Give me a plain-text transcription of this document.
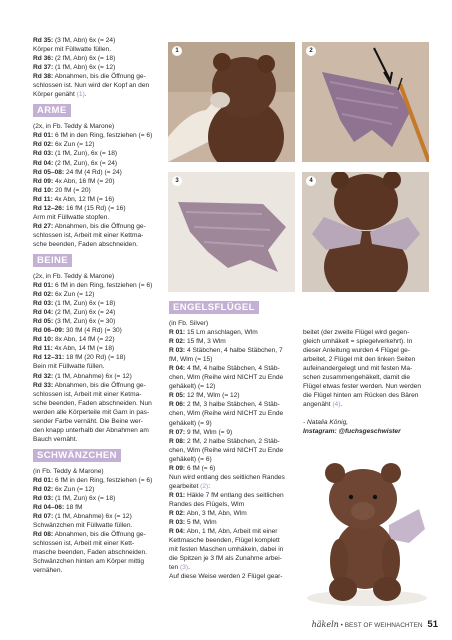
Rd 35: (3 fM, Abn) 6x (= 24)

Körper mit Füllwatte füllen.

Rd 36: (2 fM, Abn) 6x (= 18)

Rd 37: (1 fM, Abn) 6x (= 12)

Rd 38: Abnahmen, bis die Öffnung ge-

schlossen ist. Nun wird der Kopf an den

Körper genäht (1).

ARME

(2x, in Fb. Teddy & Marone)

Rd 01: 6 fM in den Ring, festziehen (= 6)

Rd 02: 6x Zun (= 12)

Rd 03: (1 fM, Zun), 6x (= 18)

Rd 04: (2 fM, Zun), 6x (= 24)

Rd 05–08: 24 fM (4 Rd) (= 24)

Rd 09: 4x Abn, 16 fM (= 20)

Rd 10: 20 fM (= 20)

Rd 11: 4x Abn, 12 fM (= 16)

Rd 12–26: 16 fM (15 Rd) (= 16)

Arm mit Füllwatte stopfen.

Rd 27: Abnahmen, bis die Öffnung ge-

schlossen ist, Arbeit mit einer Kettma-

sche beenden, Faden abschneiden.

BEINE

(2x, in Fb. Teddy & Marone)

Rd 01: 6 fM in den Ring, festziehen (= 6)

Rd 02: 6x Zun (= 12)

Rd 03: (1 fM, Zun) 6x (= 18)

Rd 04: (2 fM, Zun) 6x (= 24)

Rd 05: (3 fM, Zun) 6x (= 30)

Rd 06–09: 30 fM (4 Rd) (= 30)

Rd 10: 8x Abn, 14 fM (= 22)

Rd 11: 4x Abn, 14 fM (= 18)

Rd 12–31: 18 fM (20 Rd) (= 18)

Bein mit Füllwatte füllen.

Rd 32: (1 fM, Abnahme) 6x (= 12)

Rd 33: Abnahmen, bis die Öffnung ge-

schlossen ist, Arbeit mit einer Ketma-

sche beenden, Faden abschneiden. Nun

werden alle Körperteile mit Garn in pas-

sender Farbe vernäht. Die Beine wer-

den knapp unterhalb der Abnahmen am

Bauch vernäht.

SCHWÄNZCHEN

(in Fb. Teddy & Marone)

Rd 01: 6 fM in den Ring, festziehen (= 6)

Rd 02: 6x Zun (= 12)

Rd 03: (1 fM, Zun) 6x (= 18)

Rd 04–06: 18 fM

Rd 07: (1 fM, Abnahme) 6x (= 12)

Schwänzchen mit Füllwatte füllen.

Rd 08: Abnahmen, bis die Öffnung ge-

schlossen ist, Arbeit mit einer Kett-

masche beenden, Faden abschneiden.

Schwänzchen hinten am Körper mittig

vernähen.

1	2
3	4
ENGELSFLÜGEL

(in Fb. Silver)

R 01: 15 Lm anschlagen, Wlm

R 02: 15 fM, 3 Wlm

R 03: 4 Stäbchen, 4 halbe Stäbchen, 7

fM, Wlm (= 15)

R 04: 4 fM, 4 halbe Stäbchen, 4 Stäb-

chen, Wlm (Reihe wird NICHT zu Ende

gehäkelt) (= 12)

R 05: 12 fM, Wlm (= 12)

R 06: 2 fM, 3 halbe Stäbchen, 4 Stäb-

chen, Wlm (Reihe wird NICHT zu Ende

gehäkelt) (= 9)

R 07: 9 fM, Wlm (= 9)

R 08: 2 fM, 2 halbe Stäbchen, 2 Stäb-

chen, Wlm (Reihe wird NICHT zu Ende

gehäkelt) (= 6)

R 09: 6 fM (= 6)

Nun wird entlang des seitlichen Randes

gearbeitet (2):

R 01: Häkle 7 fM entlang des seitlichen

Randes des Flügels, Wlm

R 02: Abn, 3 fM, Abn, Wlm

R 03: 5 fM, Wlm

R 04: Abn, 1 fM, Abn, Arbeit mit einer

Kettmasche beenden, Flügel komplett

mit festen Maschen umhäkeln, dabei in

die Spitzen je 3 fM als Zunahme arbei-

ten (3).

Auf diese Weise werden 2 Flügel gear-

beitet (der zweite Flügel wird gegen-

gleich umhäkelt = spiegelverkehrt). In

dieser Anleitung wurden 4 Flügel ge-

arbeitet, 2 Flügel mit den linken Seiten

aufeinandergelegt und mit festen Ma-

schen zusammengehäkelt, damit die

Flügel etwas fester werden. Nun werden

die Flügel hinten am Rücken des Bären

angenäht (4).

- Natalia König,

Instagram: @fuchsgeschwister

häkeln • BEST OF WEIHNACHTEN 51
